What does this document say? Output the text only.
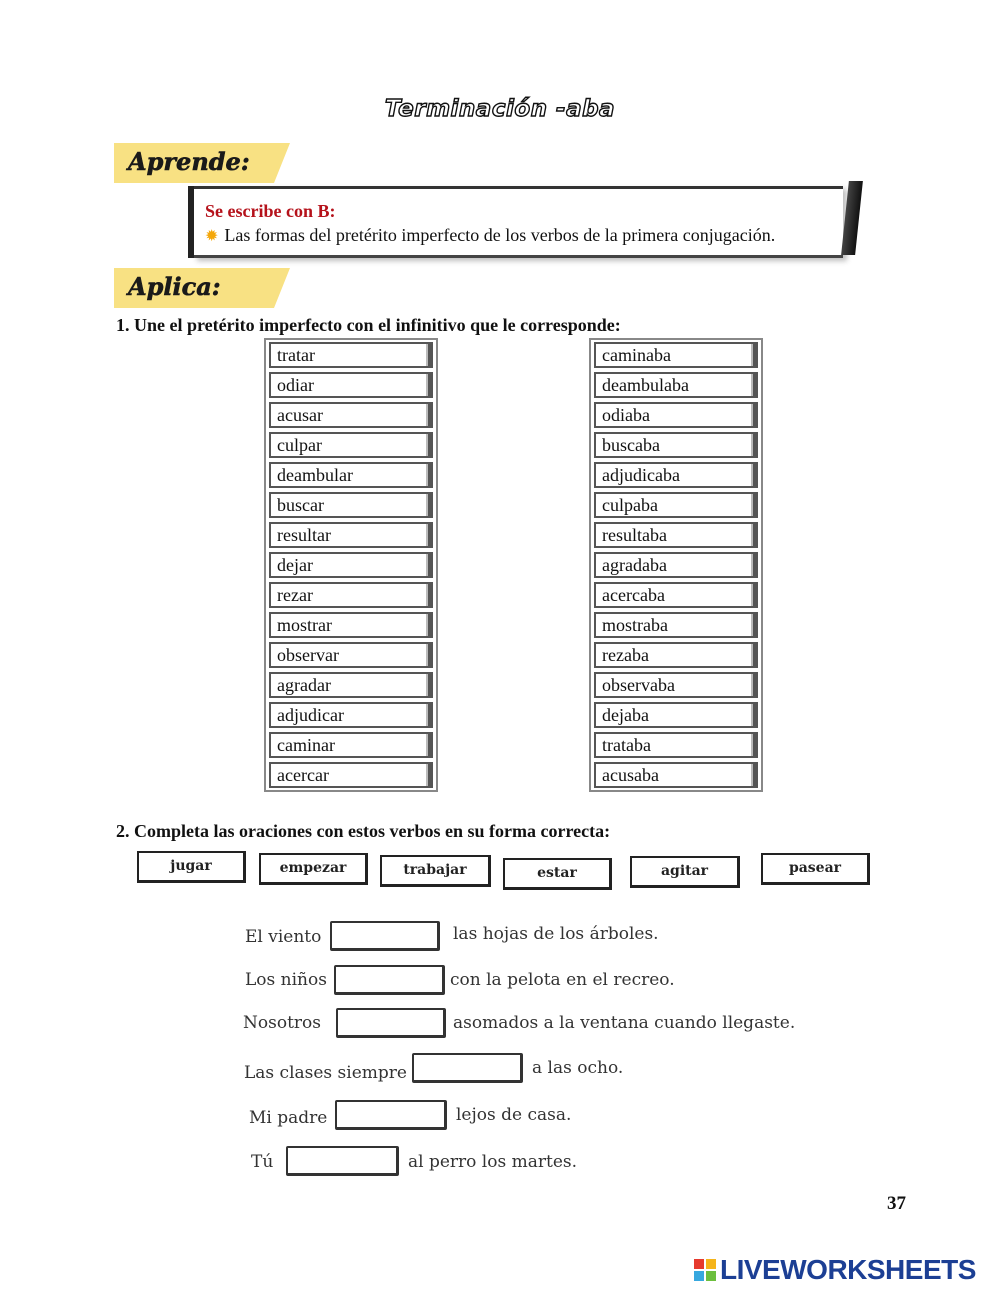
Terminación -aba
Aprende:
Se escribe con B:
✹ Las formas del pretérito imperfecto de los verbos de la primera conjugación.
Aplica:
1. Une el pretérito imperfecto con el infinitivo que le corresponde:
tratar
odiar
acusar
culpar
deambular
buscar
resultar
dejar
rezar
mostrar
observar
agradar
adjudicar
caminar
acercar
caminaba
deambulaba
odiaba
buscaba
adjudicaba
culpaba
resultaba
agradaba
acercaba
mostraba
rezaba
observaba
dejaba
trataba
acusaba
2. Completa las oraciones con estos verbos en su forma correcta:
jugar	empezar	trabajar	estar	agitar	pasear
El viento	las hojas de los árboles.
Los niños	con la pelota en el recreo.
Nosotros	asomados a la ventana cuando llegaste.
Las clases siempre	a las ocho.
Mi padre	lejos de casa.
Tú	al perro los martes.
37
LIVEWORKSHEETS
